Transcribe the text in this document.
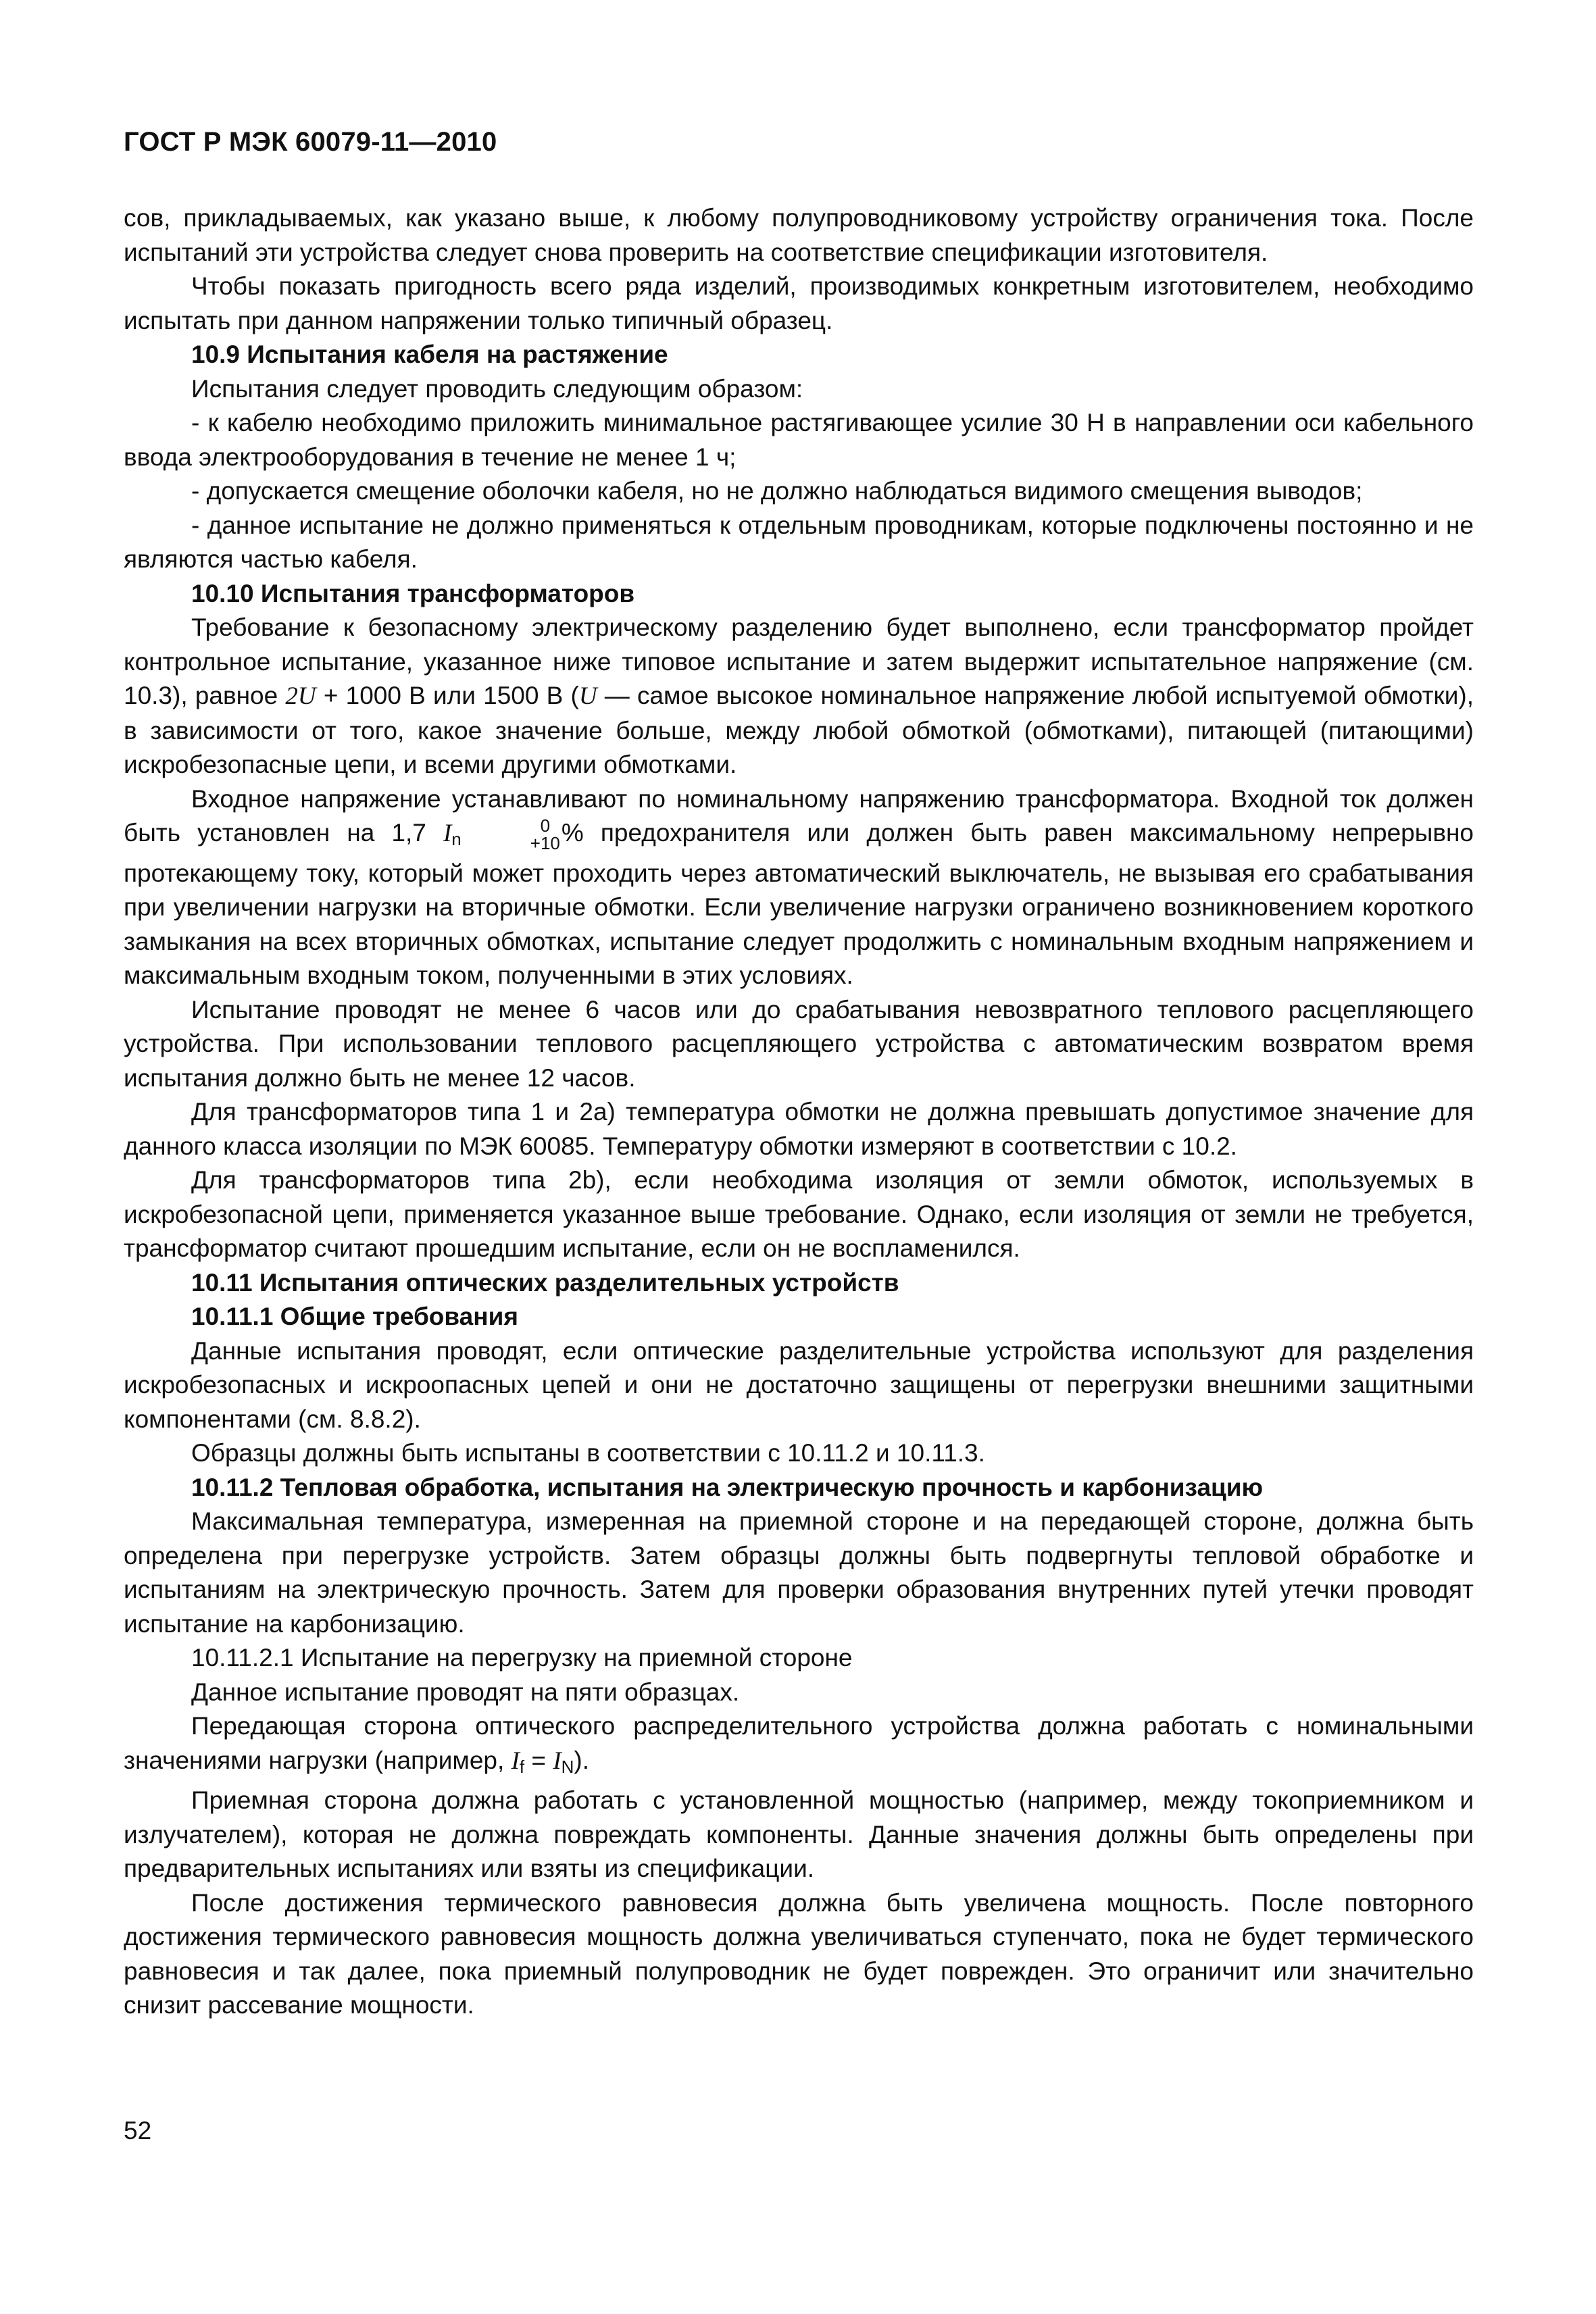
ГОСТ Р МЭК 60079-11—2010

сов, прикладываемых, как указано выше, к любому полупроводниковому устройству ограничения тока. После испытаний эти устройства следует снова проверить на соответствие спецификации изготовителя.

Чтобы показать пригодность всего ряда изделий, производимых конкретным изготовителем, необходимо испытать при данном напряжении только типичный образец.

10.9 Испытания кабеля на растяжение

Испытания следует проводить следующим образом:

- к кабелю необходимо приложить минимальное растягивающее усилие 30 Н в направлении оси кабельного ввода электрооборудования в течение не менее 1 ч;

- допускается смещение оболочки кабеля, но не должно наблюдаться видимого смещения выводов;

- данное испытание не должно применяться к отдельным проводникам, которые подключены постоянно и не являются частью кабеля.

10.10 Испытания трансформаторов

Требование к безопасному электрическому разделению будет выполнено, если трансформатор пройдет контрольное испытание, указанное ниже типовое испытание и затем выдержит испытательное напряжение (см. 10.3), равное 2U + 1000 В или 1500 В (U — самое высокое номинальное напряжение любой испытуемой обмотки), в зависимости от того, какое значение больше, между любой обмоткой (обмотками), питающей (питающими) искробезопасные цепи, и всеми другими обмотками.

Входное напряжение устанавливают по номинальному напряжению трансформатора. Входной ток должен быть установлен на 1,7 $I_n$
0
+10 % предохранителя или должен быть равен максимальному непрерывно протекающему току, который может проходить через автоматический выключатель, не вызывая его срабатывания при увеличении нагрузки на вторичные обмотки. Если увеличение нагрузки ограничено возникновением короткого замыкания на всех вторичных обмотках, испытание следует продолжить с номинальным входным напряжением и максимальным входным током, полученными в этих условиях.

Испытание проводят не менее 6 часов или до срабатывания невозвратного теплового расцепляющего устройства. При использовании теплового расцепляющего устройства с автоматическим возвратом время испытания должно быть не менее 12 часов.

Для трансформаторов типа 1 и 2а) температура обмотки не должна превышать допустимое значение для данного класса изоляции по МЭК 60085. Температуру обмотки измеряют в соответствии с 10.2.

Для трансформаторов типа 2b), если необходима изоляция от земли обмоток, используемых в искробезопасной цепи, применяется указанное выше требование. Однако, если изоляция от земли не требуется, трансформатор считают прошедшим испытание, если он не воспламенился.

10.11 Испытания оптических разделительных устройств

10.11.1 Общие требования

Данные испытания проводят, если оптические разделительные устройства используют для разделения искробезопасных и искроопасных цепей и они не достаточно защищены от перегрузки внешними защитными компонентами (см. 8.8.2).

Образцы должны быть испытаны в соответствии с 10.11.2 и 10.11.3.

10.11.2 Тепловая обработка, испытания на электрическую прочность и карбонизацию

Максимальная температура, измеренная на приемной стороне и на передающей стороне, должна быть определена при перегрузке устройств. Затем образцы должны быть подвергнуты тепловой обработке и испытаниям на электрическую прочность. Затем для проверки образования внутренних путей утечки проводят испытание на карбонизацию.

10.11.2.1 Испытание на перегрузку на приемной стороне

Данное испытание проводят на пяти образцах.

Передающая сторона оптического распределительного устройства должна работать с номинальными значениями нагрузки (например, $I_f = I_N$).

Приемная сторона должна работать с установленной мощностью (например, между токоприемником и излучателем), которая не должна повреждать компоненты. Данные значения должны быть определены при предварительных испытаниях или взяты из спецификации.

После достижения термического равновесия должна быть увеличена мощность. После повторного достижения термического равновесия мощность должна увеличиваться ступенчато, пока не будет термического равновесия и так далее, пока приемный полупроводник не будет поврежден. Это ограничит или значительно снизит рассевание мощности.

52
